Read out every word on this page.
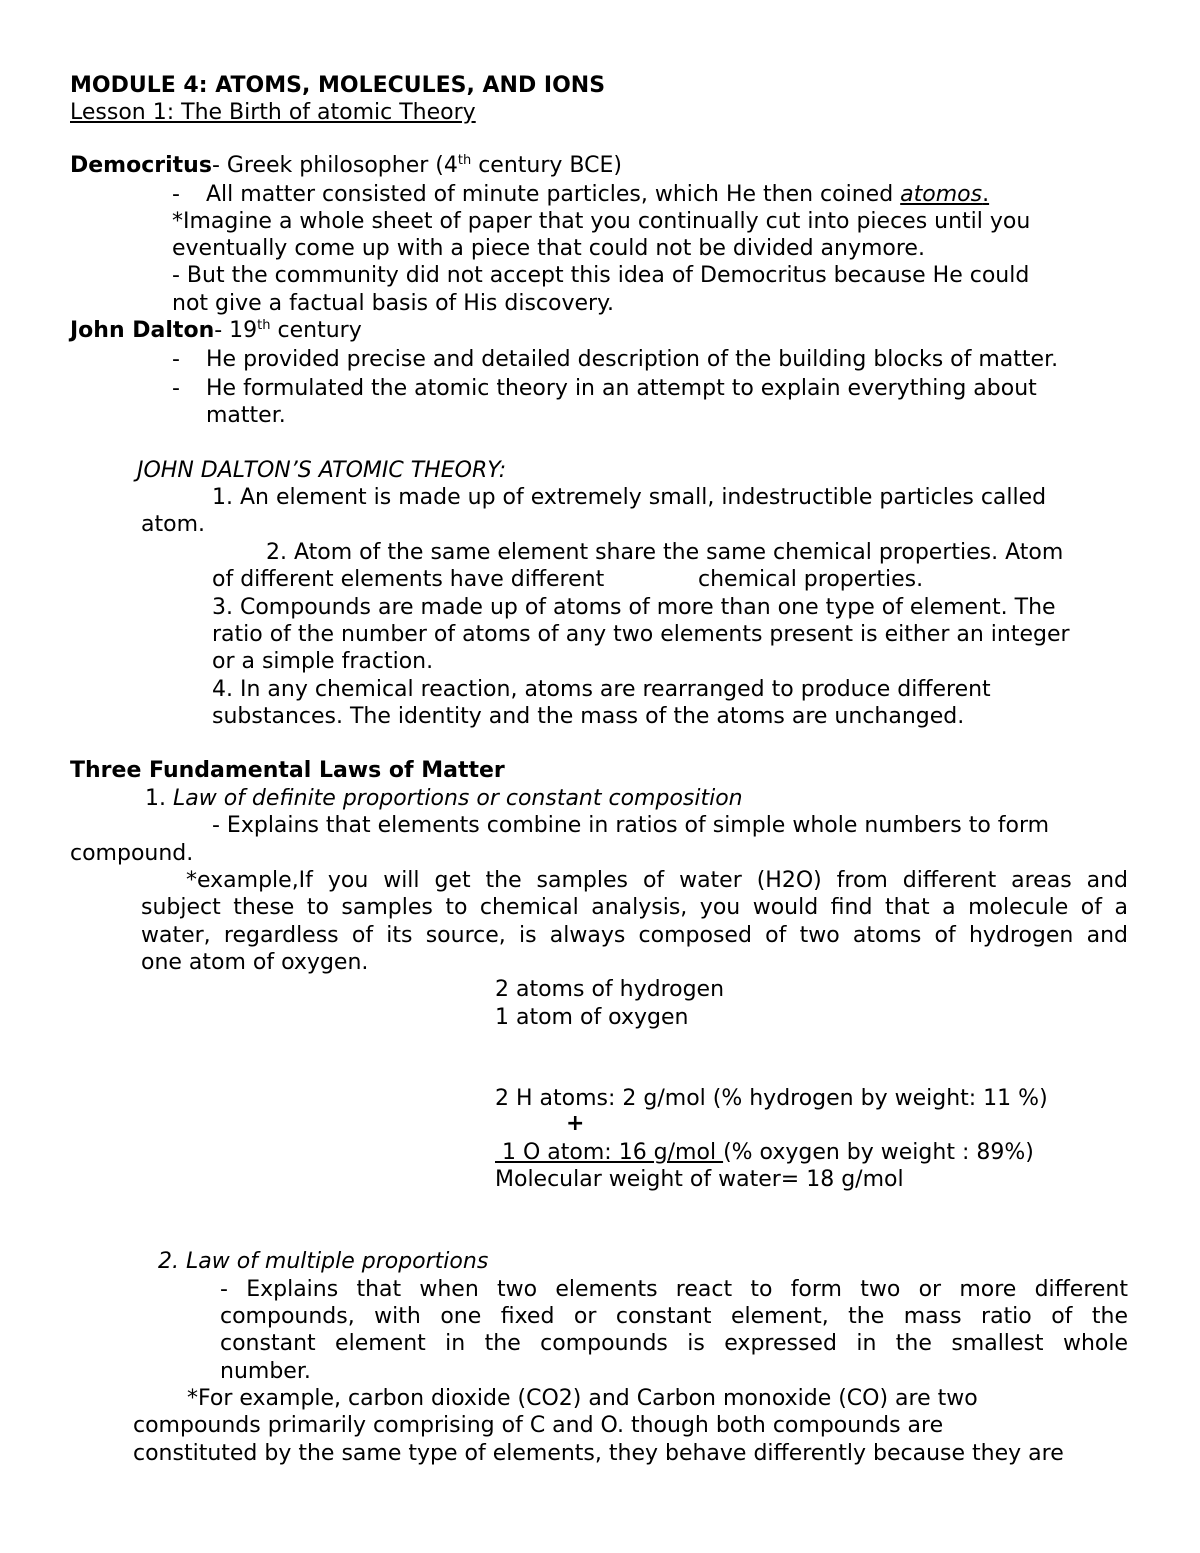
MODULE 4: ATOMS, MOLECULES, AND IONS
Lesson 1: The Birth of atomic Theory
Democritus- Greek philosopher (4th century BCE)
- All matter consisted of minute particles, which He then coined atomos.
*Imagine a whole sheet of paper that you continually cut into pieces until you
eventually come up with a piece that could not be divided anymore.
- But the community did not accept this idea of Democritus because He could
not give a factual basis of His discovery.
John Dalton- 19th century
- He provided precise and detailed description of the building blocks of matter.
- He formulated the atomic theory in an attempt to explain everything about
matter.
JOHN DALTON’S ATOMIC THEORY:
1. An element is made up of extremely small, indestructible particles called
atom.
2. Atom of the same element share the same chemical properties. Atom
of different elements have different	chemical properties.
3. Compounds are made up of atoms of more than one type of element. The
ratio of the number of atoms of any two elements present is either an integer
or a simple fraction.
4. In any chemical reaction, atoms are rearranged to produce different
substances. The identity and the mass of the atoms are unchanged.
Three Fundamental Laws of Matter
1. Law of definite proportions or constant composition
- Explains that elements combine in ratios of simple whole numbers to form
compound.
*example,If you will get the samples of water (H2O) from different areas and
subject these to samples to chemical analysis, you would find that a molecule of a
water, regardless of its source, is always composed of two atoms of hydrogen and
one atom of oxygen.
2 atoms of hydrogen
1 atom of oxygen
2 H atoms: 2 g/mol (% hydrogen by weight: 11 %)
+
1 O atom: 16 g/mol (% oxygen by weight : 89%)
Molecular weight of water= 18 g/mol
2. Law of multiple proportions
- Explains that when two elements react to form two or more different
compounds, with one fixed or constant element, the mass ratio of the
constant element in the compounds is expressed in the smallest whole
number.
*For example, carbon dioxide (CO2) and Carbon monoxide (CO) are two
compounds primarily comprising of C and O. though both compounds are
constituted by the same type of elements, they behave differently because they are
